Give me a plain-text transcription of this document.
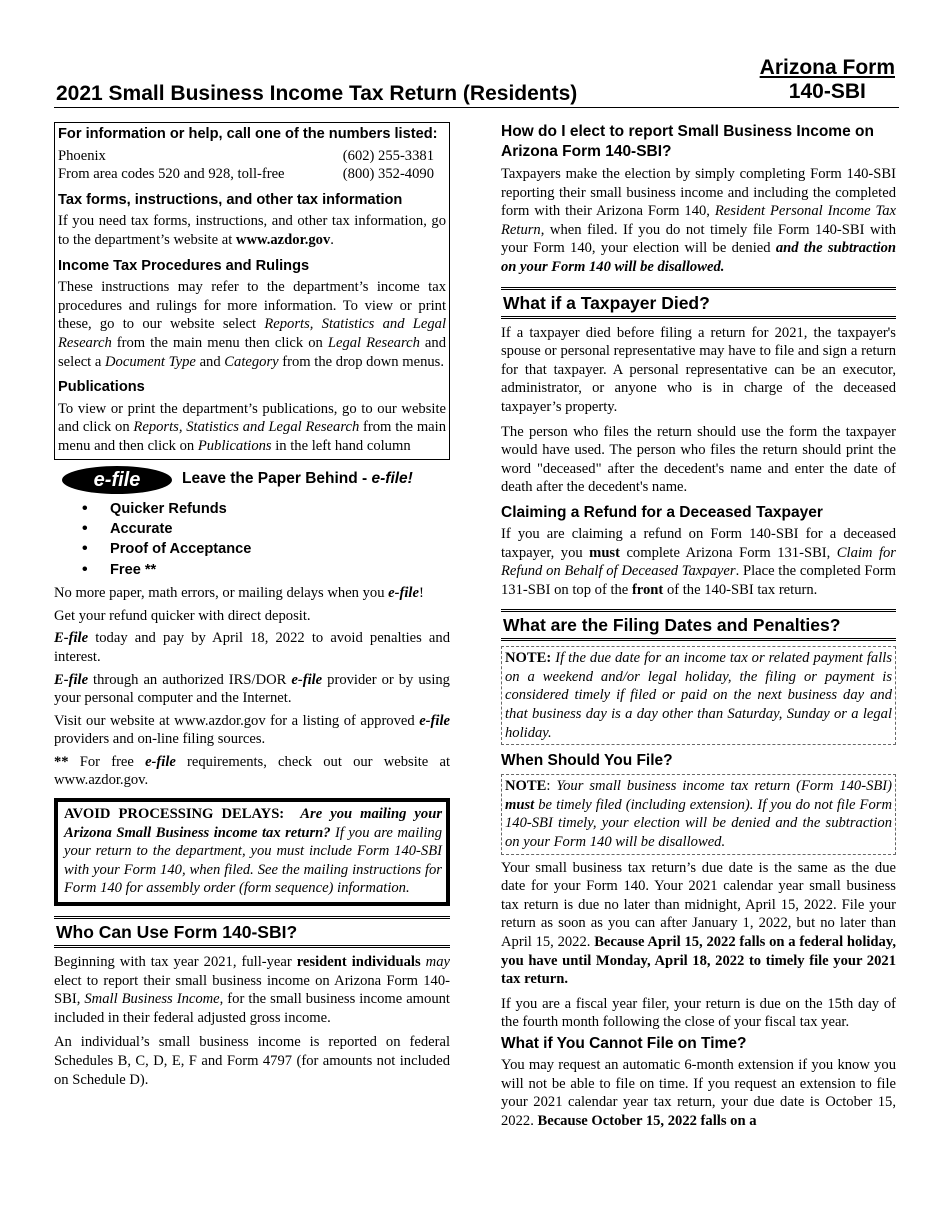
2021 Small Business Income Tax Return (Residents)
Arizona Form
140-SBI
For information or help, call one of the numbers listed:
Phoenix	(602) 255-3381
From area codes 520 and 928, toll-free	(800) 352-4090
Tax forms, instructions, and other tax information

If you need tax forms, instructions, and other tax information, go to the department’s website at www.azdor.gov.

Income Tax Procedures and Rulings

These instructions may refer to the department’s income tax procedures and rulings for more information. To view or print these, go to our website select Reports, Statistics and Legal Research from the main menu then click on Legal Research and select a Document Type and Category from the drop down menus.

Publications

To view or print the department’s publications, go to our website and click on Reports, Statistics and Legal Research from the main menu and then click on Publications in the left hand column

e-file	Leave the Paper Behind - e-file!
• Quicker Refunds
• Accurate
• Proof of Acceptance
• Free **

No more paper, math errors, or mailing delays when you e-file!

Get your refund quicker with direct deposit.

E-file today and pay by April 18, 2022 to avoid penalties and interest.

E-file through an authorized IRS/DOR e-file provider or by using your personal computer and the Internet.

Visit our website at www.azdor.gov for a listing of approved e-file providers and on-line filing sources.

** For free e-file requirements, check out our website at www.azdor.gov.

AVOID PROCESSING DELAYS: Are you mailing your Arizona Small Business income tax return? If you are mailing your return to the department, you must include Form 140-SBI with your Form 140, when filed. See the mailing instructions for Form 140 for assembly order (form sequence) information.

Who Can Use Form 140-SBI?

Beginning with tax year 2021, full-year resident individuals may elect to report their small business income on Arizona Form 140-SBI, Small Business Income, for the small business income amount included in their federal adjusted gross income.

An individual’s small business income is reported on federal Schedules B, C, D, E, F and Form 4797 (for amounts not included on Schedule D).

How do I elect to report Small Business Income on Arizona Form 140-SBI?

Taxpayers make the election by simply completing Form 140-SBI reporting their small business income and including the completed form with their Arizona Form 140, Resident Personal Income Tax Return, when filed. If you do not timely file Form 140-SBI with your Form 140, your election will be denied and the subtraction on your Form 140 will be disallowed.

What if a Taxpayer Died?

If a taxpayer died before filing a return for 2021, the taxpayer's spouse or personal representative may have to file and sign a return for that taxpayer. A personal representative can be an executor, administrator, or anyone who is in charge of the deceased taxpayer’s property.

The person who files the return should use the form the taxpayer would have used. The person who files the return should print the word "deceased" after the decedent's name and enter the date of death after the decedent's name.

Claiming a Refund for a Deceased Taxpayer

If you are claiming a refund on Form 140-SBI for a deceased taxpayer, you must complete Arizona Form 131-SBI, Claim for Refund on Behalf of Deceased Taxpayer. Place the completed Form 131-SBI on top of the front of the 140-SBI tax return.

What are the Filing Dates and Penalties?

NOTE: If the due date for an income tax or related payment falls on a weekend and/or legal holiday, the filing or payment is considered timely if filed or paid on the next business day and that business day is a day other than Saturday, Sunday or a legal holiday.

When Should You File?

NOTE: Your small business income tax return (Form 140-SBI) must be timely filed (including extension). If you do not file Form 140-SBI timely, your election will be denied and the subtraction on your Form 140 will be disallowed.

Your small business tax return’s due date is the same as the due date for your Form 140. Your 2021 calendar year small business tax return is due no later than midnight, April 15, 2022. File your return as soon as you can after January 1, 2022, but no later than April 15, 2022. Because April 15, 2022 falls on a federal holiday, you have until Monday, April 18, 2022 to timely file your 2021 tax return.

If you are a fiscal year filer, your return is due on the 15th day of the fourth month following the close of your fiscal tax year.

What if You Cannot File on Time?

You may request an automatic 6-month extension if you know you will not be able to file on time. If you request an extension to file your 2021 calendar year tax return, your due date is October 15, 2022. Because October 15, 2022 falls on a
